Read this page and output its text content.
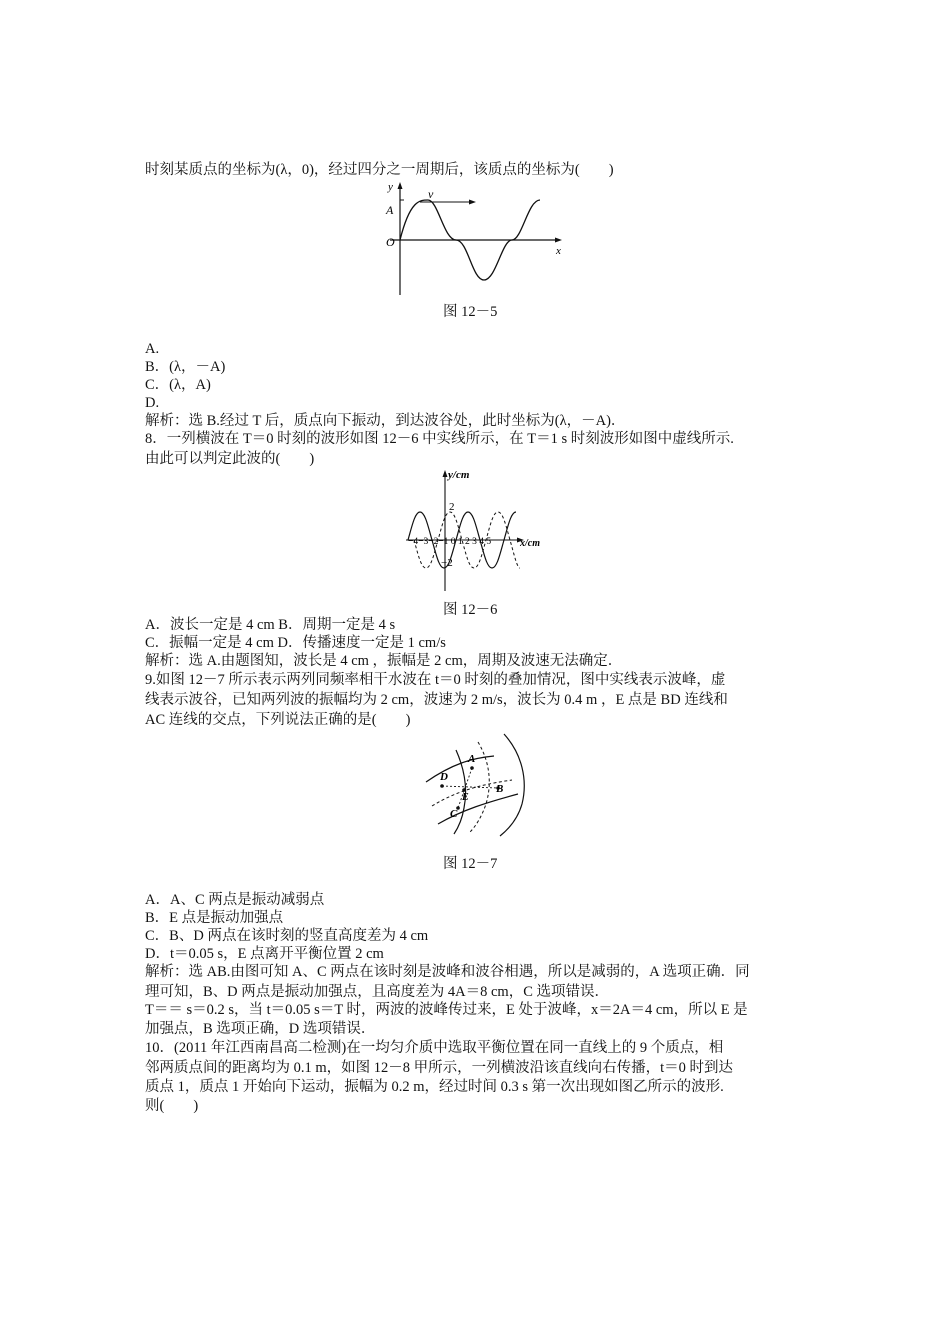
时刻某质点的坐标为(λ，0)，经过四分之一周期后，该质点的坐标为(　　)
y
x
A
O
v
图 12－5
A.
B．(λ，－A)
C．(λ，A)
D.
解析：选 B.经过 T 后，质点向下振动，到达波谷处，此时坐标为(λ，－A)．
8．一列横波在 T＝0 时刻的波形如图 12－6 中实线所示，在 T＝1 s 时刻波形如图中虚线所示.
由此可以判定此波的(　　)
y/cm
x/cm
2
−2
−4−3−2−1 0 1 2 3 4 5
图 12－6
A．波长一定是 4 cm B．周期一定是 4 s
C．振幅一定是 4 cm D．传播速度一定是 1 cm/s
解析：选 A.由题图知，波长是 4 cm ，振幅是 2 cm，周期及波速无法确定．
9.如图 12－7 所示表示两列同频率相干水波在 t＝0 时刻的叠加情况，图中实线表示波峰，虚
线表示波谷，已知两列波的振幅均为 2 cm，波速为 2 m/s，波长为 0.4 m ，E 点是 BD 连线和
AC 连线的交点，下列说法正确的是(　　)
A
B
C
D
E
图 12－7
A．A、C 两点是振动减弱点
B．E 点是振动加强点
C．B、D 两点在该时刻的竖直高度差为 4 cm
D．t＝0.05 s，E 点离开平衡位置 2 cm
解析：选 AB.由图可知 A、C 两点在该时刻是波峰和波谷相遇，所以是减弱的，A 选项正确．同
理可知，B、D 两点是振动加强点，且高度差为 4A＝8 cm，C 选项错误．
T＝＝ s＝0.2 s，当 t＝0.05 s＝T 时，两波的波峰传过来，E 处于波峰，x＝2A＝4 cm，所以 E 是
加强点，B 选项正确，D 选项错误．
10．(2011 年江西南昌高二检测)在一均匀介质中选取平衡位置在同一直线上的 9 个质点，相
邻两质点间的距离均为 0.1 m，如图 12－8 甲所示，一列横波沿该直线向右传播，t＝0 时到达
质点 1，质点 1 开始向下运动，振幅为 0.2 m，经过时间 0.3 s 第一次出现如图乙所示的波形.
则(　　)
